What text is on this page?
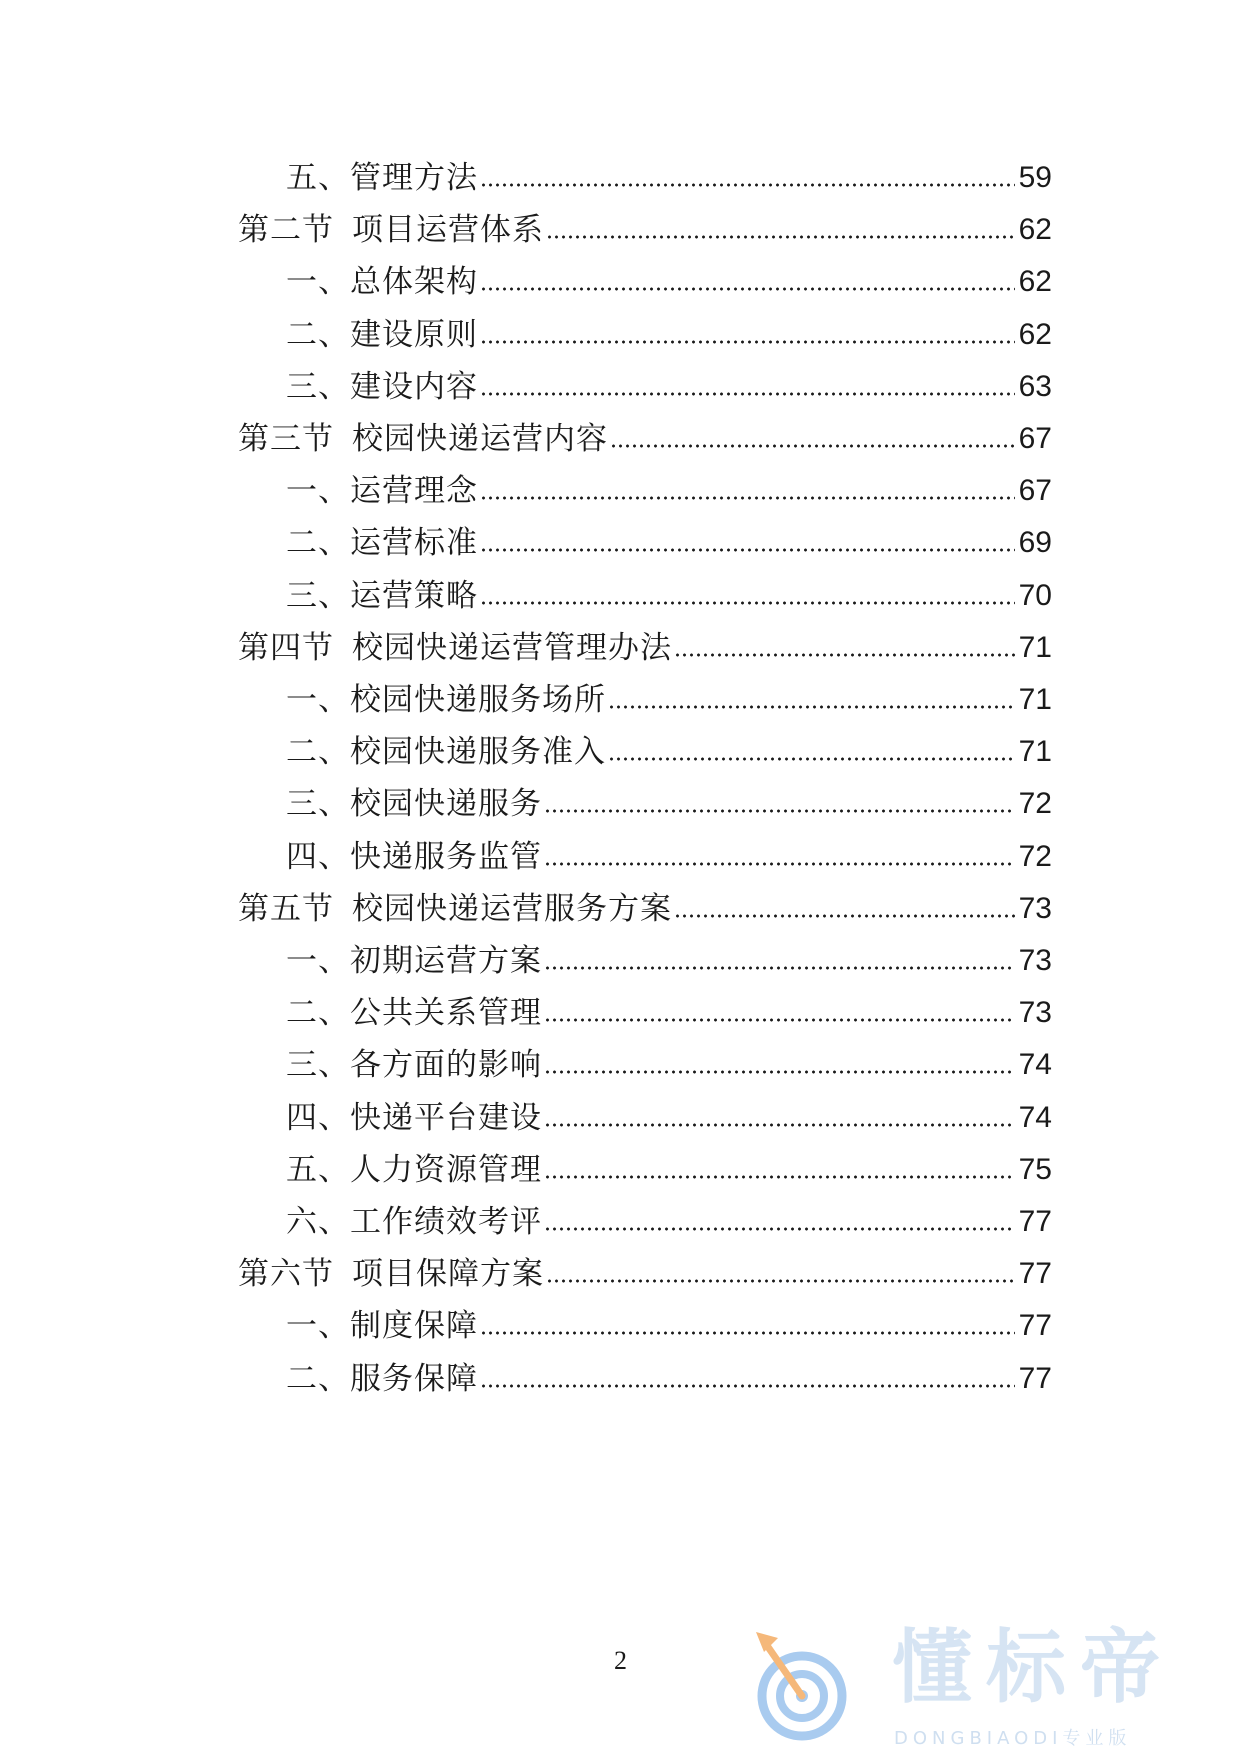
五、管理方法	59
第二节 项目运营体系	62
一、总体架构	62
二、建设原则	62
三、建设内容	63
第三节 校园快递运营内容	67
一、运营理念	67
二、运营标准	69
三、运营策略	70
第四节 校园快递运营管理办法	71
一、校园快递服务场所	71
二、校园快递服务准入	71
三、校园快递服务	72
四、快递服务监管	72
第五节 校园快递运营服务方案	73
一、初期运营方案	73
二、公共关系管理	73
三、各方面的影响	74
四、快递平台建设	74
五、人力资源管理	75
六、工作绩效考评	77
第六节 项目保障方案	77
一、制度保障	77
二、服务保障	77
2	懂标帝
DONGBIAODI专业版
